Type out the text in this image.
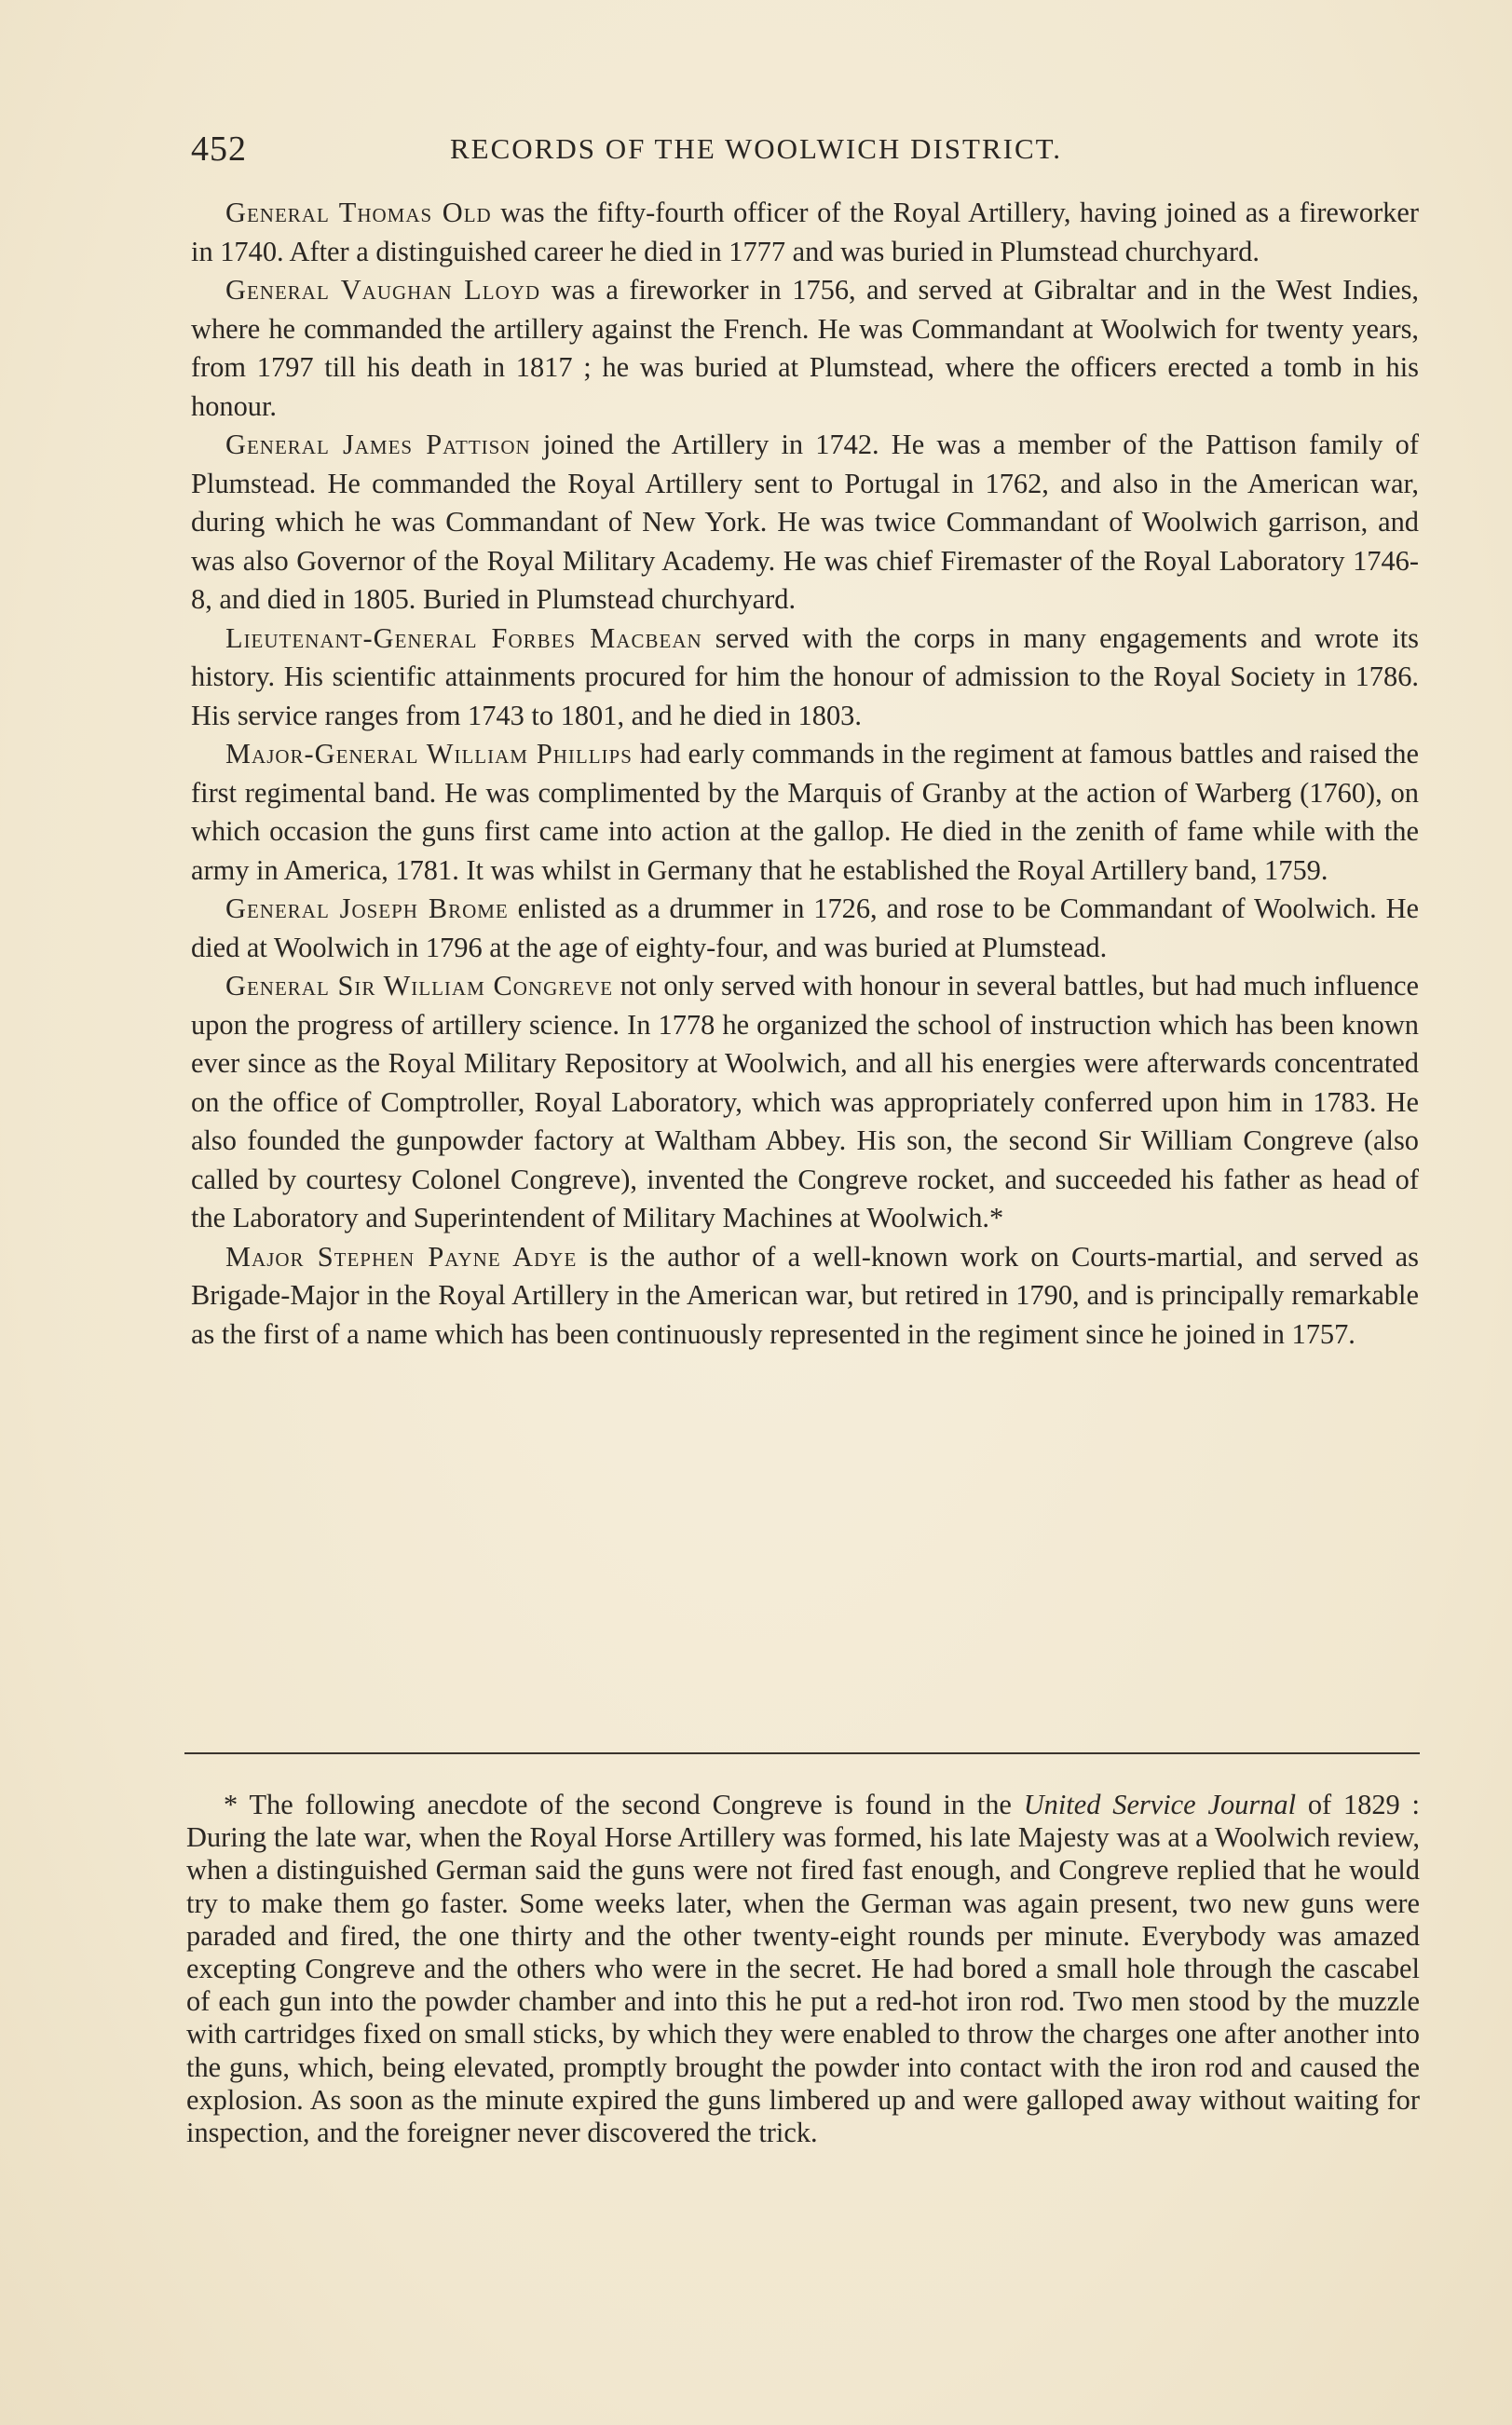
452	RECORDS OF THE WOOLWICH DISTRICT.

General Thomas Old was the fifty-fourth officer of the Royal Artillery, having joined as a fireworker in 1740. After a distinguished career he died in 1777 and was buried in Plumstead churchyard.

General Vaughan Lloyd was a fireworker in 1756, and served at Gibraltar and in the West Indies, where he commanded the artillery against the French. He was Commandant at Woolwich for twenty years, from 1797 till his death in 1817 ; he was buried at Plumstead, where the officers erected a tomb in his honour.

General James Pattison joined the Artillery in 1742. He was a member of the Pattison family of Plumstead. He commanded the Royal Artillery sent to Portugal in 1762, and also in the American war, during which he was Commandant of New York. He was twice Commandant of Woolwich garrison, and was also Governor of the Royal Military Academy. He was chief Firemaster of the Royal Laboratory 1746-8, and died in 1805. Buried in Plumstead churchyard.

Lieutenant-General Forbes Macbean served with the corps in many engagements and wrote its history. His scientific attainments procured for him the honour of admission to the Royal Society in 1786. His service ranges from 1743 to 1801, and he died in 1803.

Major-General William Phillips had early commands in the regiment at famous battles and raised the first regimental band. He was complimented by the Marquis of Granby at the action of Warberg (1760), on which occasion the guns first came into action at the gallop. He died in the zenith of fame while with the army in America, 1781. It was whilst in Germany that he established the Royal Artillery band, 1759.

General Joseph Brome enlisted as a drummer in 1726, and rose to be Commandant of Woolwich. He died at Woolwich in 1796 at the age of eighty-four, and was buried at Plumstead.

General Sir William Congreve not only served with honour in several battles, but had much influence upon the progress of artillery science. In 1778 he organized the school of instruction which has been known ever since as the Royal Military Repository at Woolwich, and all his energies were afterwards concentrated on the office of Comptroller, Royal Laboratory, which was appropriately conferred upon him in 1783. He also founded the gunpowder factory at Waltham Abbey. His son, the second Sir William Congreve (also called by courtesy Colonel Congreve), invented the Congreve rocket, and succeeded his father as head of the Laboratory and Superintendent of Military Machines at Woolwich.*

Major Stephen Payne Adye is the author of a well-known work on Courts-martial, and served as Brigade-Major in the Royal Artillery in the American war, but retired in 1790, and is principally remarkable as the first of a name which has been continuously represented in the regiment since he joined in 1757.

* The following anecdote of the second Congreve is found in the United Service Journal of 1829 : During the late war, when the Royal Horse Artillery was formed, his late Majesty was at a Woolwich review, when a distinguished German said the guns were not fired fast enough, and Congreve replied that he would try to make them go faster. Some weeks later, when the German was again present, two new guns were paraded and fired, the one thirty and the other twenty-eight rounds per minute. Everybody was amazed excepting Congreve and the others who were in the secret. He had bored a small hole through the cascabel of each gun into the powder chamber and into this he put a red-hot iron rod. Two men stood by the muzzle with cartridges fixed on small sticks, by which they were enabled to throw the charges one after another into the guns, which, being elevated, promptly brought the powder into contact with the iron rod and caused the explosion. As soon as the minute expired the guns limbered up and were galloped away without waiting for inspection, and the foreigner never discovered the trick.
